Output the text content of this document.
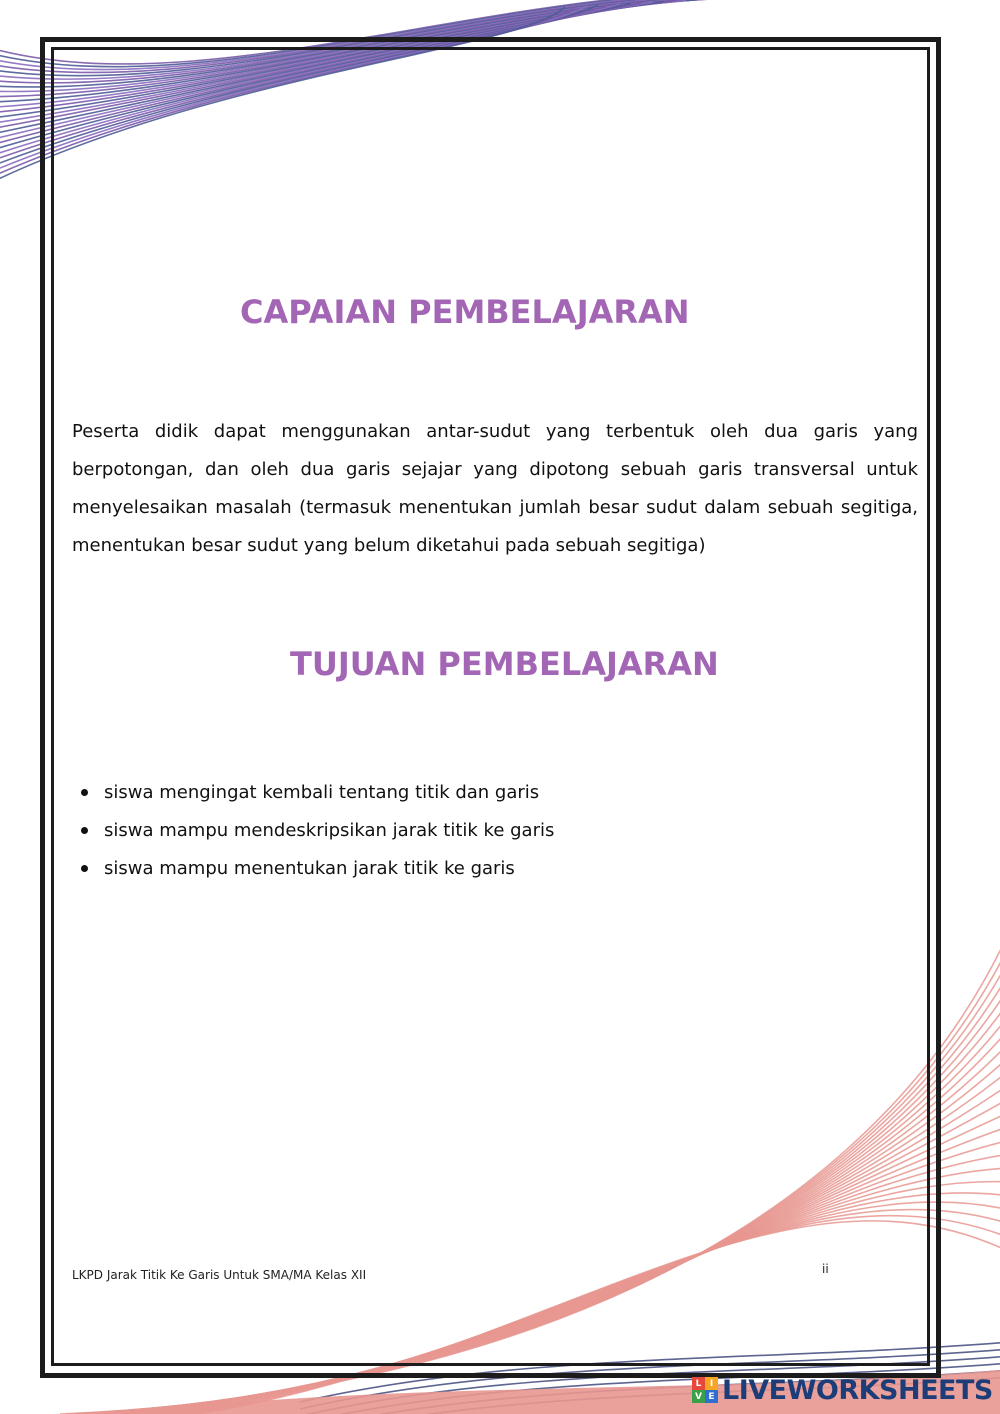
CAPAIAN PEMBELAJARAN

Peserta didik dapat menggunakan antar-sudut yang terbentuk oleh dua garis yang berpotongan, dan oleh dua garis sejajar yang dipotong sebuah garis transversal untuk menyelesaikan masalah (termasuk menentukan jumlah besar sudut dalam sebuah segitiga, menentukan besar sudut yang belum diketahui pada sebuah segitiga)

TUJUAN PEMBELAJARAN
siswa mengingat kembali tentang titik dan garis
siswa mampu mendeskripsikan jarak titik ke garis
siswa mampu menentukan jarak titik ke garis
LKPD Jarak Titik Ke Garis Untuk SMA/MA Kelas XII	ii
L I
V E LIVEWORKSHEETS
